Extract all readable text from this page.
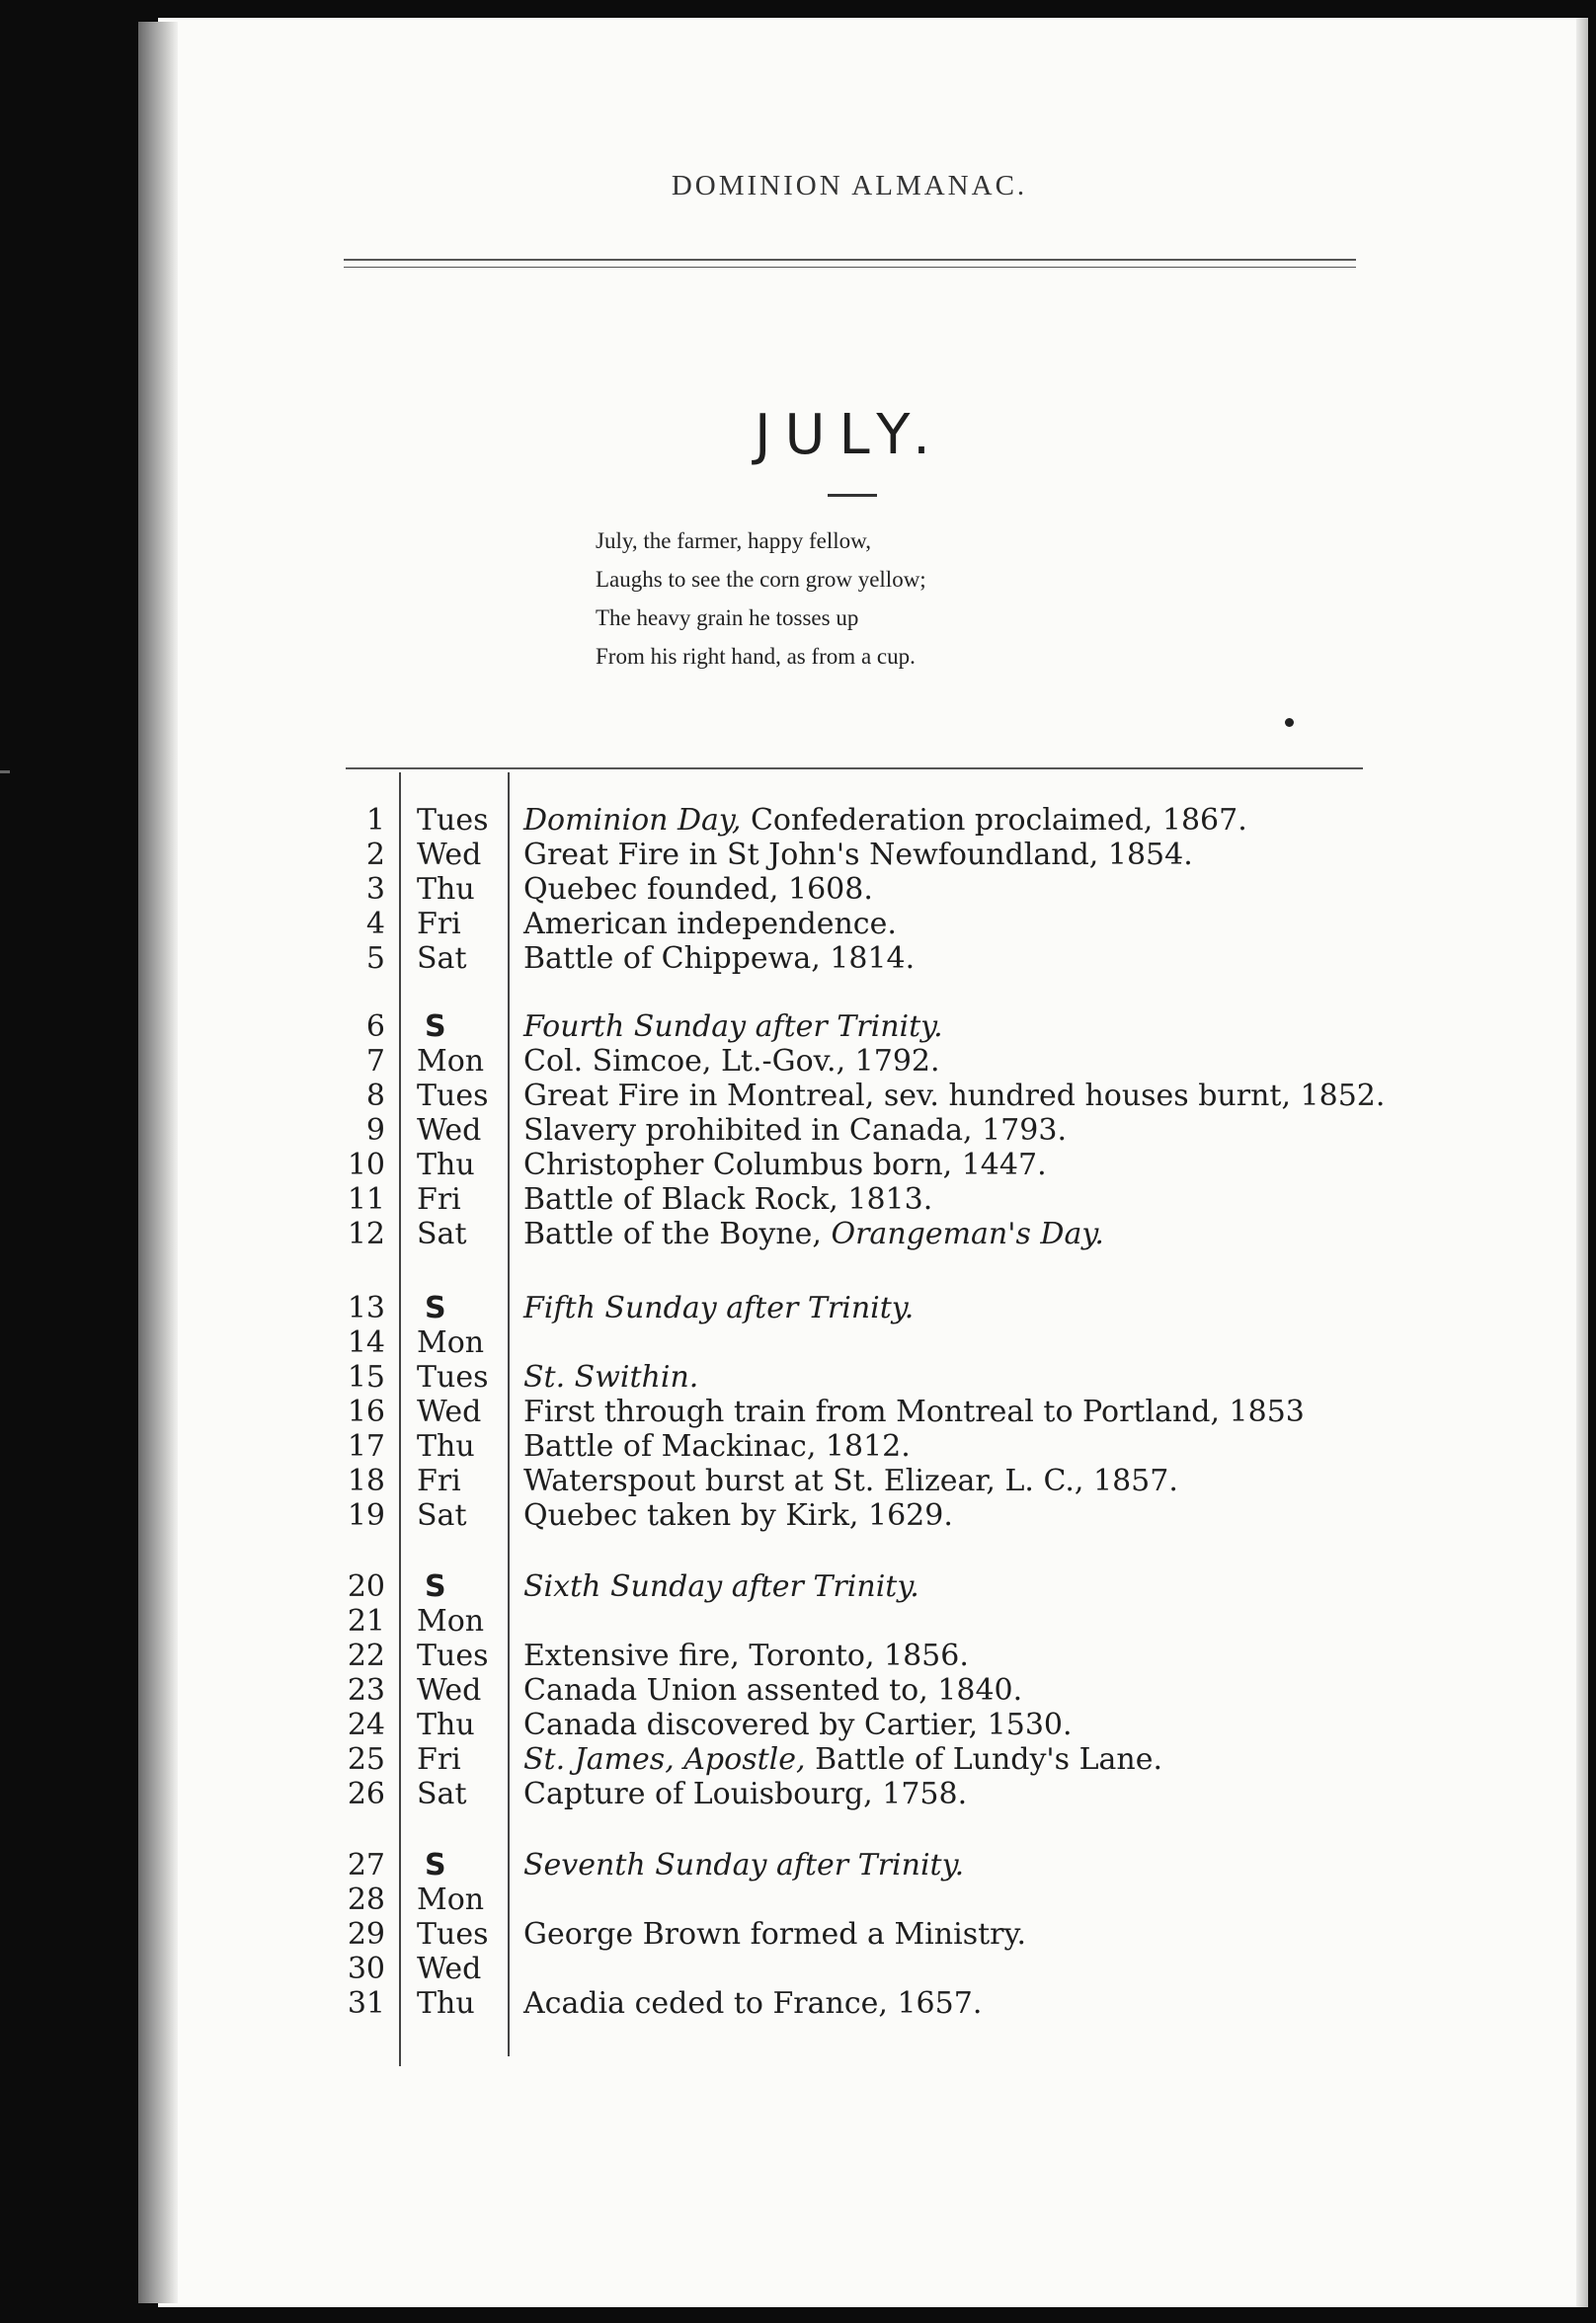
DOMINION ALMANAC.
JULY.
July, the farmer, happy fellow,
Laughs to see the corn grow yellow;
The heavy grain he tosses up
From his right hand, as from a cup.
1 Tues Dominion Day, Confederation proclaimed, 1867.
2 Wed Great Fire in St John's Newfoundland, 1854.
3 Thu Quebec founded, 1608.
4 Fri American independence.
5 Sat Battle of Chippewa, 1814.
6 S	Fourth Sunday after Trinity.
7 Mon Col. Simcoe, Lt.-Gov., 1792.
8 Tues Great Fire in Montreal, sev. hundred houses burnt, 1852.
9 Wed Slavery prohibited in Canada, 1793.
10 Thu Christopher Columbus born, 1447.
11 Fri Battle of Black Rock, 1813.
12 Sat Battle of the Boyne, Orangeman's Day.
13 S	Fifth Sunday after Trinity.
14 Mon
15 Tues St. Swithin.
16 Wed First through train from Montreal to Portland, 1853
17 Thu Battle of Mackinac, 1812.
18 Fri Waterspout burst at St. Elizear, L. C., 1857.
19 Sat Quebec taken by Kirk, 1629.
20 S	Sixth Sunday after Trinity.
21 Mon
22 Tues Extensive fire, Toronto, 1856.
23 Wed Canada Union assented to, 1840.
24 Thu Canada discovered by Cartier, 1530.
25 Fri St. James, Apostle, Battle of Lundy's Lane.
26 Sat Capture of Louisbourg, 1758.
27 S	Seventh Sunday after Trinity.
28 Mon
29 Tues George Brown formed a Ministry.
30 Wed
31 Thu Acadia ceded to France, 1657.
